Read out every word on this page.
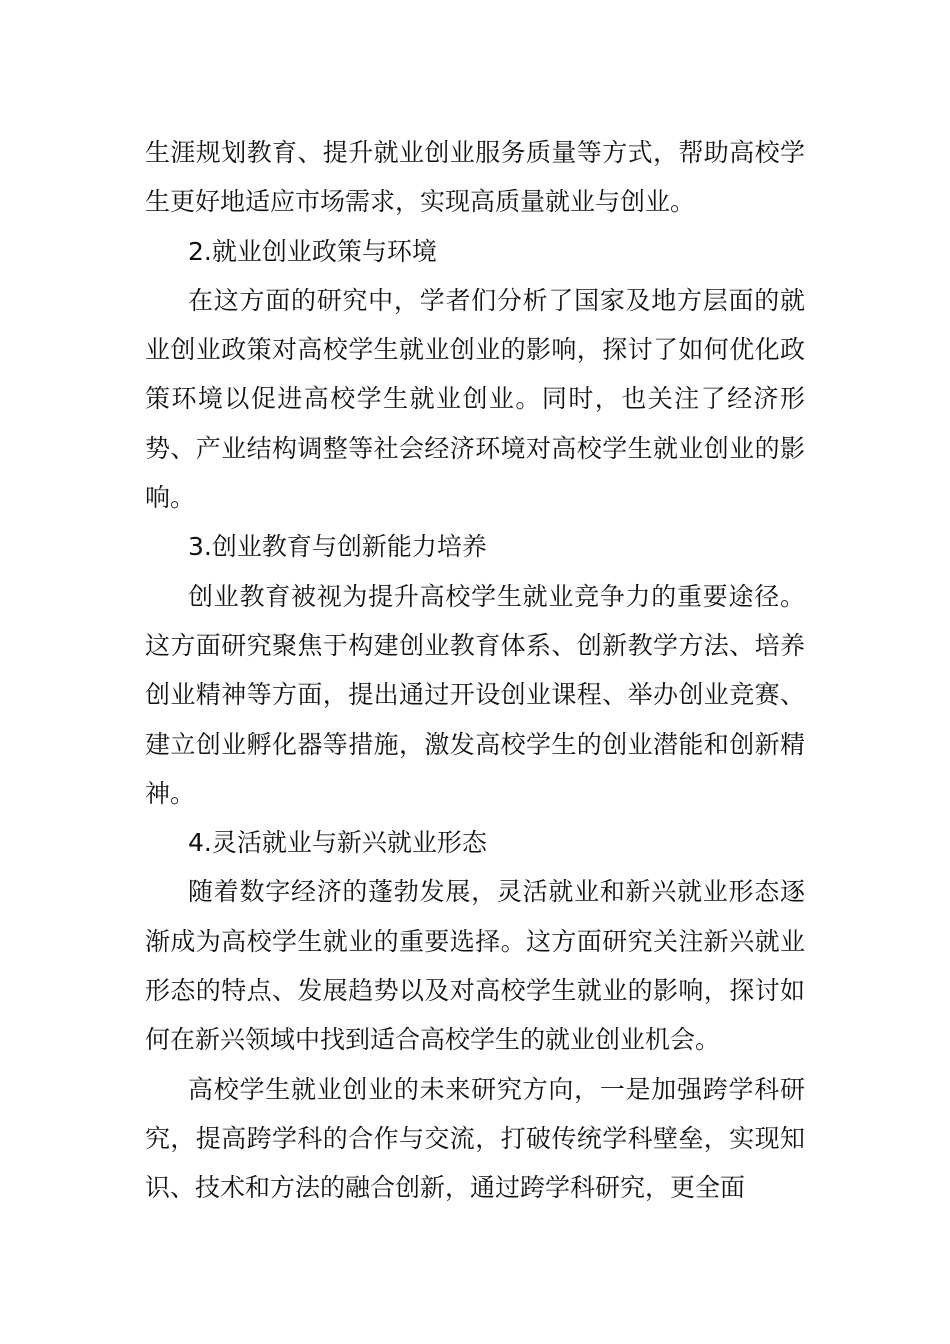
生涯规划教育、提升就业创业服务质量等方式，帮助高校学生更好地适应市场需求，实现高质量就业与创业。

2.就业创业政策与环境

在这方面的研究中，学者们分析了国家及地方层面的就业创业政策对高校学生就业创业的影响，探讨了如何优化政策环境以促进高校学生就业创业。同时，也关注了经济形势、产业结构调整等社会经济环境对高校学生就业创业的影响。

3.创业教育与创新能力培养

创业教育被视为提升高校学生就业竞争力的重要途径。这方面研究聚焦于构建创业教育体系、创新教学方法、培养创业精神等方面，提出通过开设创业课程、举办创业竞赛、建立创业孵化器等措施，激发高校学生的创业潜能和创新精神。

4.灵活就业与新兴就业形态

随着数字经济的蓬勃发展，灵活就业和新兴就业形态逐渐成为高校学生就业的重要选择。这方面研究关注新兴就业形态的特点、发展趋势以及对高校学生就业的影响，探讨如何在新兴领域中找到适合高校学生的就业创业机会。

高校学生就业创业的未来研究方向，一是加强跨学科研究，提高跨学科的合作与交流，打破传统学科壁垒，实现知识、技术和方法的融合创新，通过跨学科研究，更全面
